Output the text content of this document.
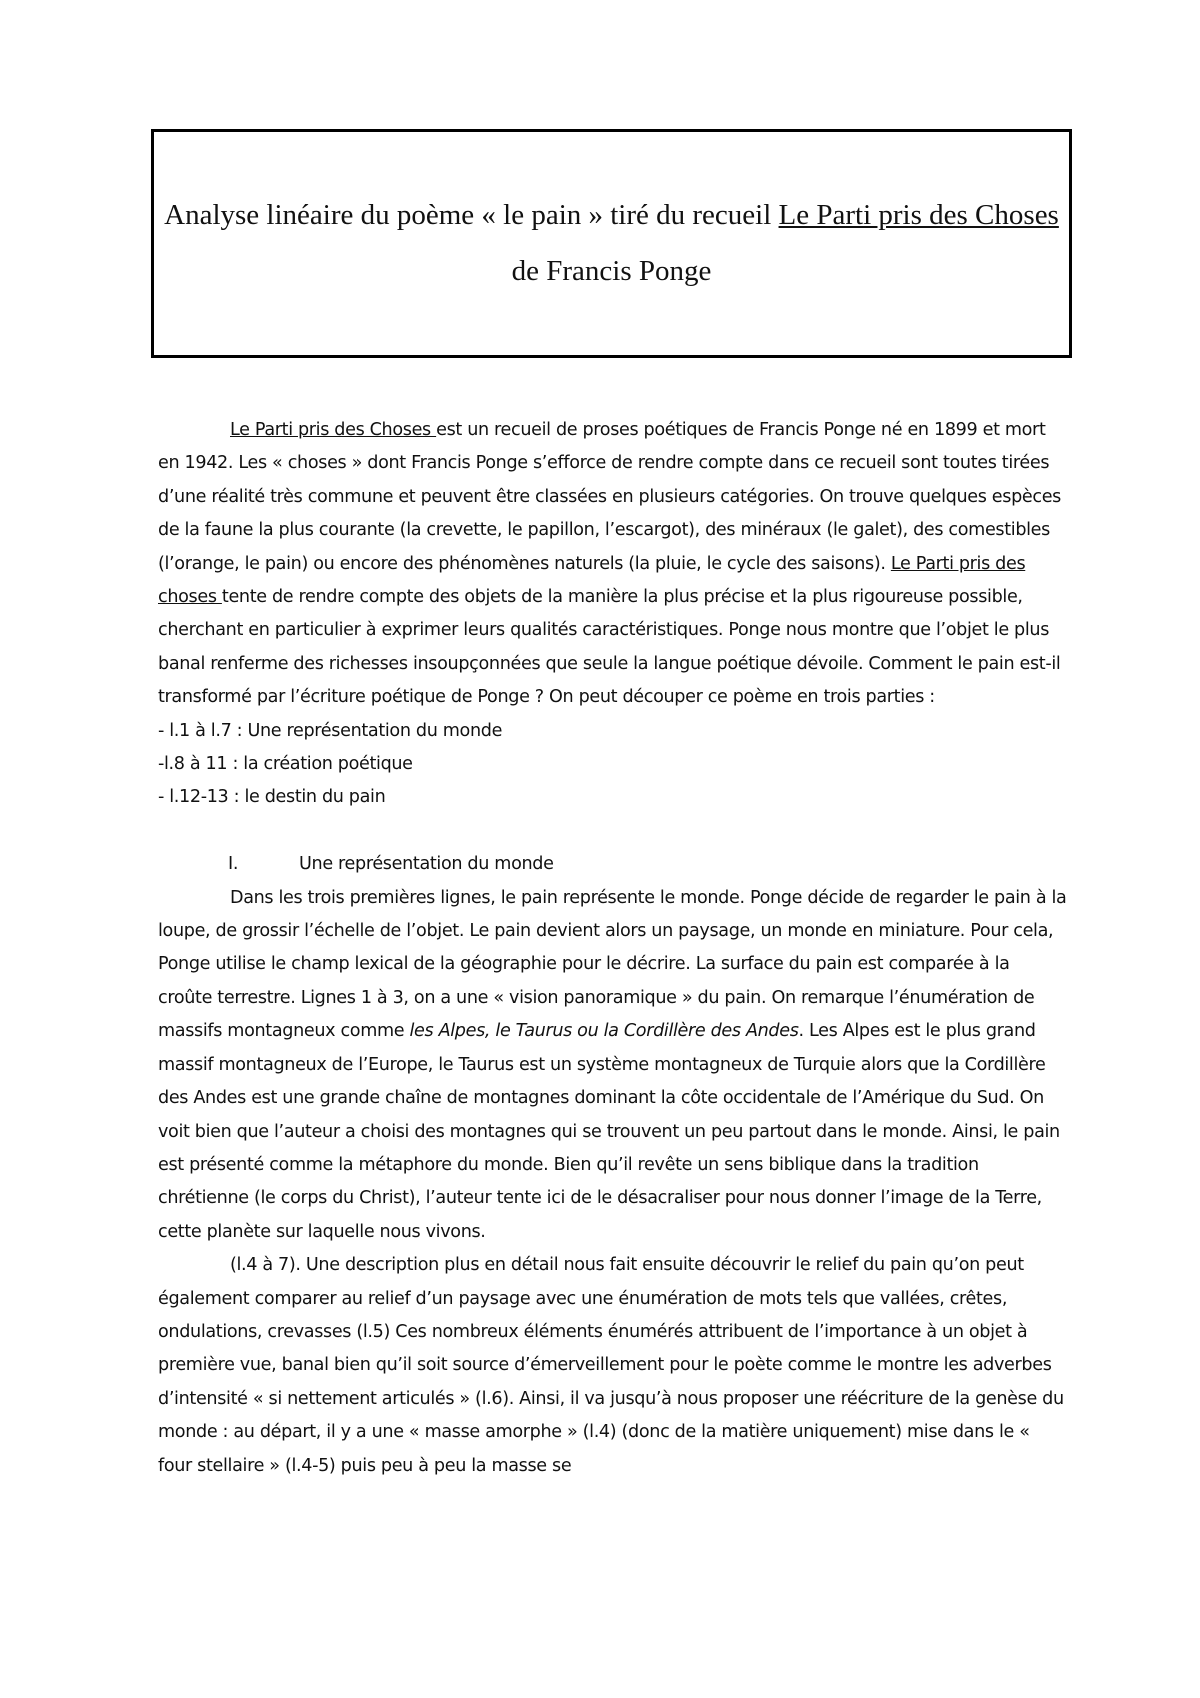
Analyse linéaire du poème « le pain » tiré du recueil Le Parti pris des Choses de Francis Ponge

Le Parti pris des Choses est un recueil de proses poétiques de Francis Ponge né en 1899 et mort en 1942. Les « choses » dont Francis Ponge s’efforce de rendre compte dans ce recueil sont toutes tirées d’une réalité très commune et peuvent être classées en plusieurs catégories. On trouve quelques espèces de la faune la plus courante (la crevette, le papillon, l’escargot), des minéraux (le galet), des comestibles (l’orange, le pain) ou encore des phénomènes naturels (la pluie, le cycle des saisons). Le Parti pris des choses tente de rendre compte des objets de la manière la plus précise et la plus rigoureuse possible, cherchant en particulier à exprimer leurs qualités caractéristiques. Ponge nous montre que l’objet le plus banal renferme des richesses insoupçonnées que seule la langue poétique dévoile. Comment le pain est-il transformé par l’écriture poétique de Ponge ? On peut découper ce poème en trois parties :

- l.1 à l.7 : Une représentation du monde

-l.8 à 11 : la création poétique

- l.12-13 : le destin du pain

I.	Une représentation du monde

Dans les trois premières lignes, le pain représente le monde. Ponge décide de regarder le pain à la loupe, de grossir l’échelle de l’objet. Le pain devient alors un paysage, un monde en miniature. Pour cela, Ponge utilise le champ lexical de la géographie pour le décrire. La surface du pain est comparée à la croûte terrestre. Lignes 1 à 3, on a une « vision panoramique » du pain. On remarque l’énumération de massifs montagneux comme les Alpes, le Taurus ou la Cordillère des Andes. Les Alpes est le plus grand massif montagneux de l’Europe, le Taurus est un système montagneux de Turquie alors que la Cordillère des Andes est une grande chaîne de montagnes dominant la côte occidentale de l’Amérique du Sud. On voit bien que l’auteur a choisi des montagnes qui se trouvent un peu partout dans le monde. Ainsi, le pain est présenté comme la métaphore du monde. Bien qu’il revête un sens biblique dans la tradition chrétienne (le corps du Christ), l’auteur tente ici de le désacraliser pour nous donner l’image de la Terre, cette planète sur laquelle nous vivons.

(l.4 à 7). Une description plus en détail nous fait ensuite découvrir le relief du pain qu’on peut également comparer au relief d’un paysage avec une énumération de mots tels que vallées, crêtes, ondulations, crevasses (l.5) Ces nombreux éléments énumérés attribuent de l’importance à un objet à première vue, banal bien qu’il soit source d’émerveillement pour le poète comme le montre les adverbes d’intensité « si nettement articulés » (l.6). Ainsi, il va jusqu’à nous proposer une réécriture de la genèse du monde : au départ, il y a une « masse amorphe » (l.4) (donc de la matière uniquement) mise dans le « four stellaire » (l.4-5) puis peu à peu la masse se
